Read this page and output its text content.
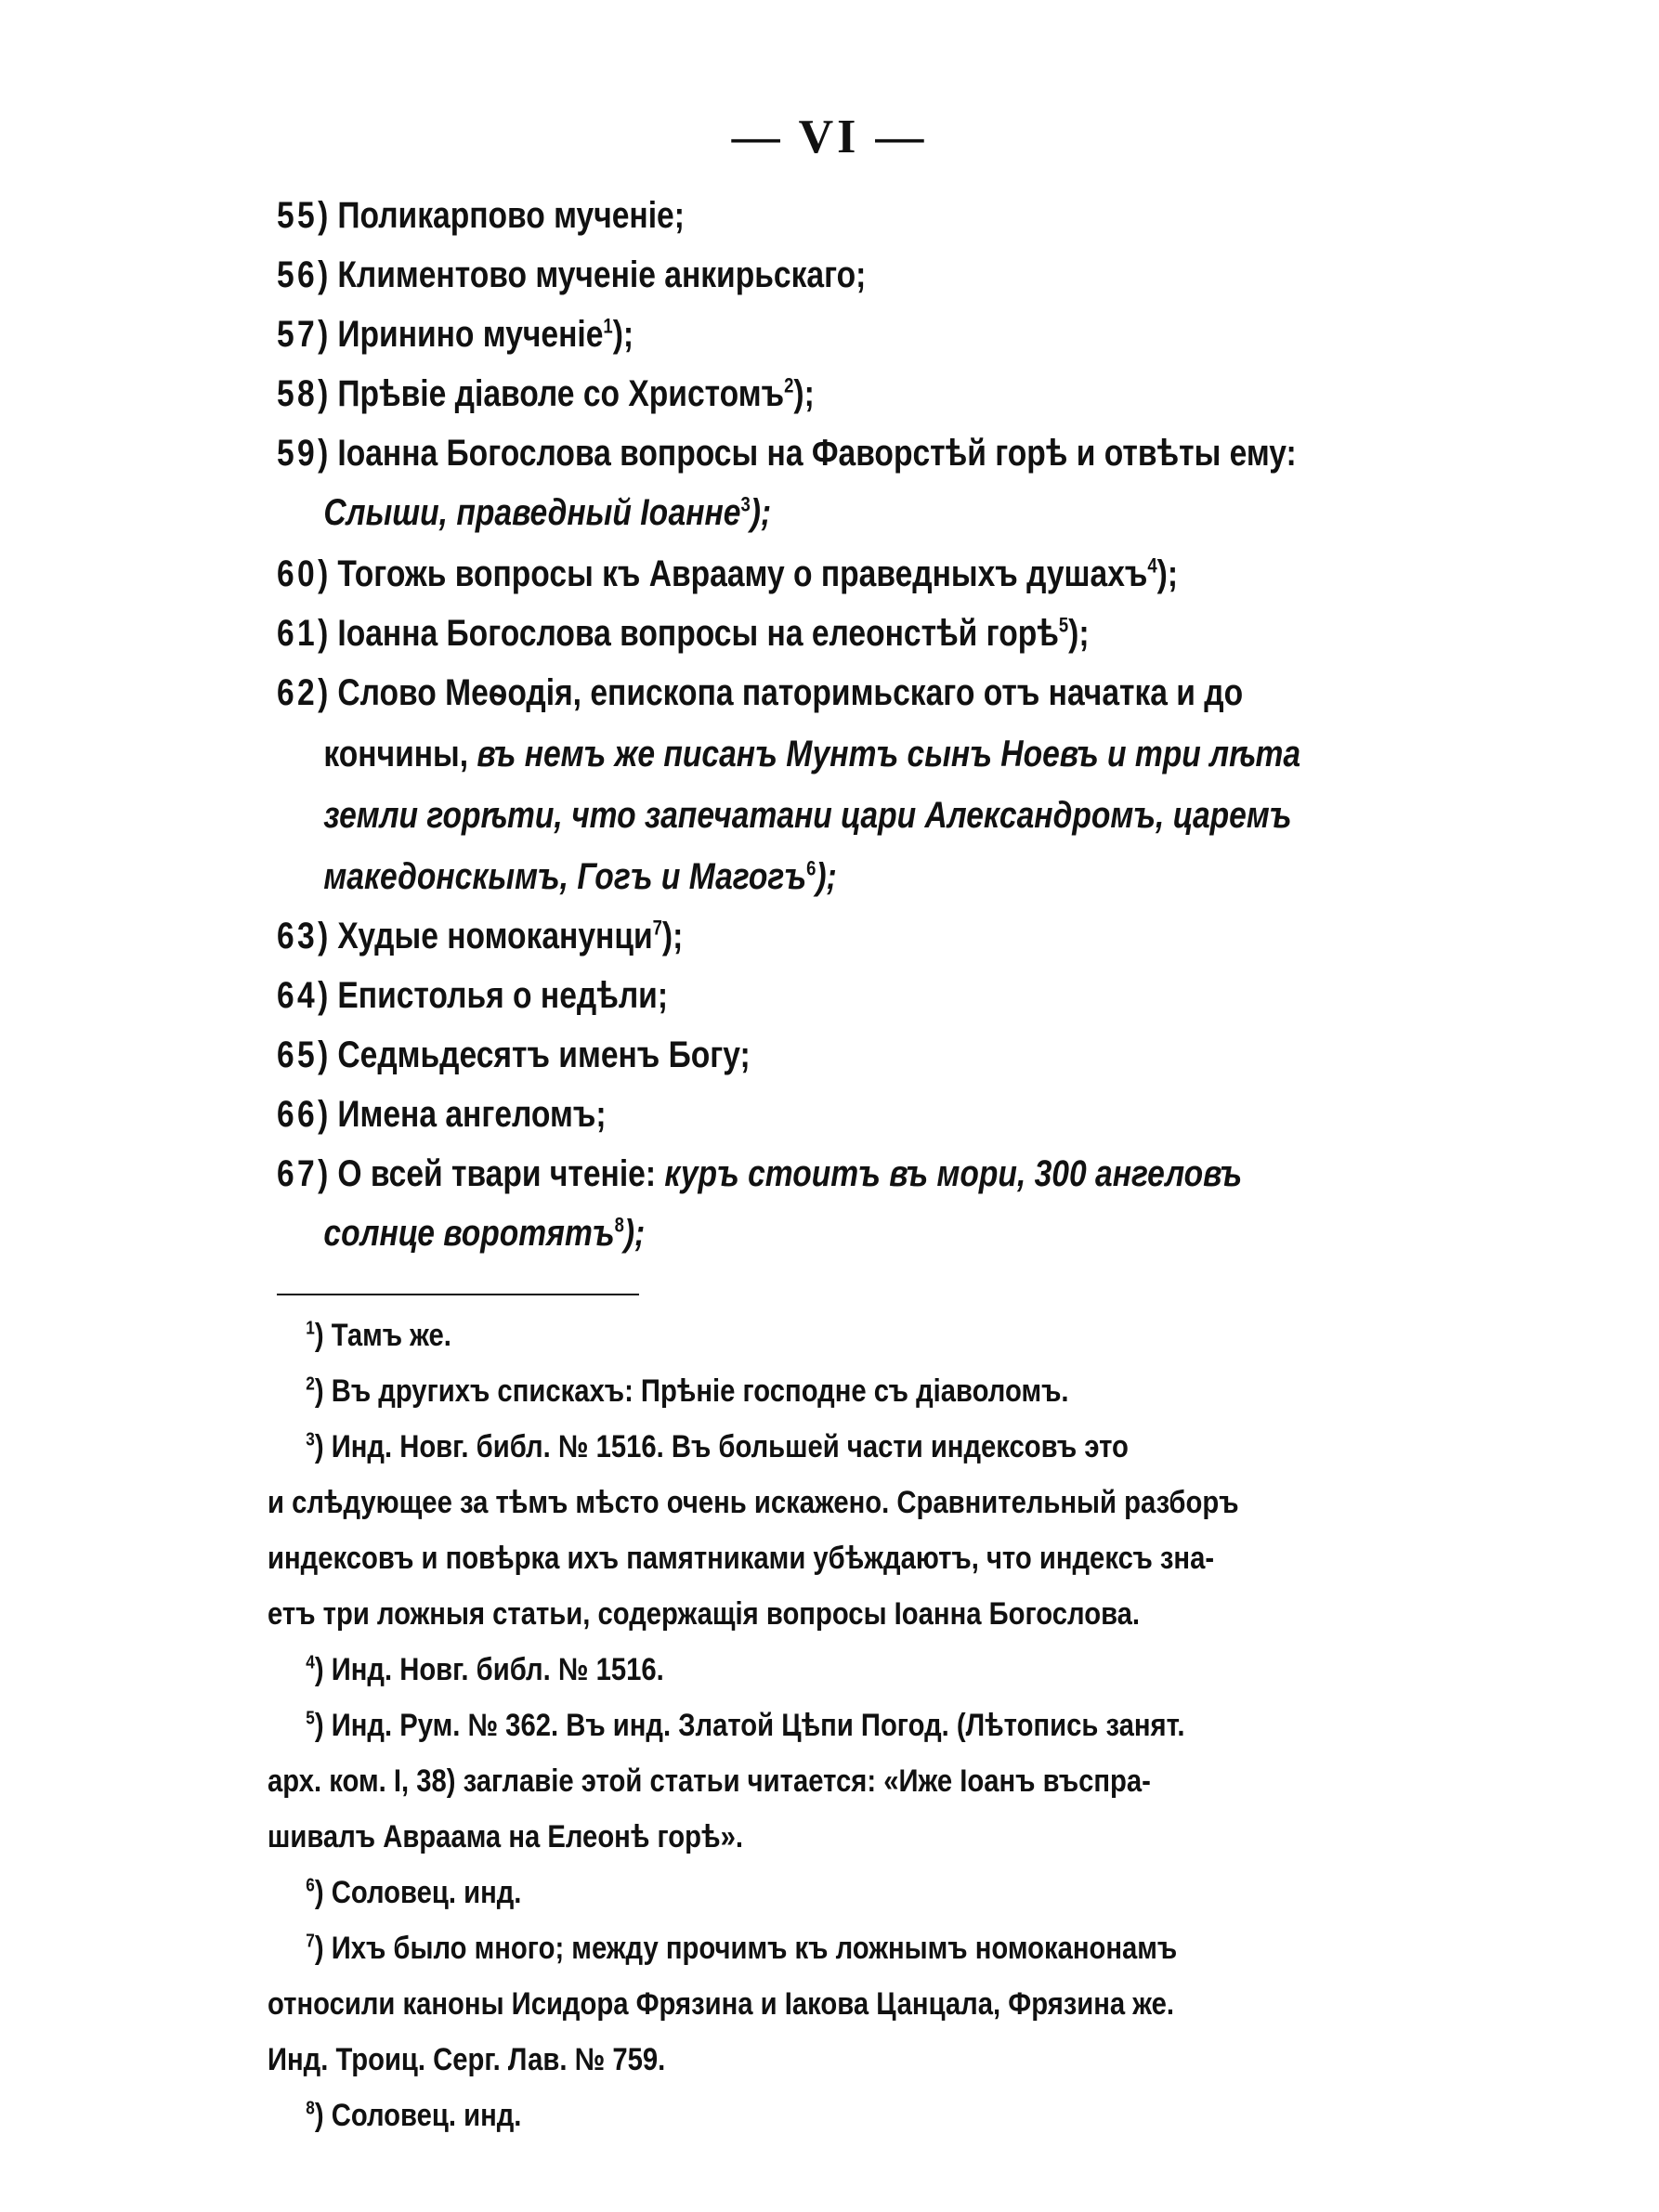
— VI —
55) Поликарпово мученіе;
56) Климентово мученіе анкирьскаго;
57) Иринино мученіе$^1$);
58) Прѣвіе діаволе со Христомъ$^2$);
59) Іоанна Богослова вопросы на Фаворстѣй горѣ и отвѣты ему:
Слыши, праведный Іоанне$^3$);
60) Тогожь вопросы къ Аврааму о праведныхъ душахъ$^4$);
61) Іоанна Богослова вопросы на елеонстѣй горѣ$^5$);
62) Слово Меѳодія, епископа паторимьскаго отъ начатка и до
кончины, въ немъ же писанъ Мунтъ сынъ Ноевъ и три лѣта
земли горѣти, что запечатани цари Александромъ, царемъ
македонскымъ, Гогъ и Магогъ$^6$);
63) Худые номоканунци$^7$);
64) Епистолья о недѣли;
65) Седмьдесятъ именъ Богу;
66) Имена ангеломъ;
67) О всей твари чтеніе: куръ стоитъ въ мори, 300 ангеловъ
солнце воротятъ$^8$);
$^1$) Тамъ же.
$^2$) Въ другихъ спискахъ: Прѣніе господне съ діаволомъ.
$^3$) Инд. Новг. библ. № 1516. Въ большей части индексовъ это
и слѣдующее за тѣмъ мѣсто очень искажено. Сравнительный разборъ
индексовъ и повѣрка ихъ памятниками убѣждаютъ, что индексъ зна-
етъ три ложныя статьи, содержащія вопросы Іоанна Богослова.
$^4$) Инд. Новг. библ. № 1516.
$^5$) Инд. Рум. № 362. Въ инд. Златой Цѣпи Погод. (Лѣтопись занят.
арх. ком. I, 38) заглавіе этой статьи читается: «Иже Іоанъ въспра-
шивалъ Авраама на Елеонѣ горѣ».
$^6$) Соловец. инд.
$^7$) Ихъ было много; между прочимъ къ ложнымъ номоканонамъ
относили каноны Исидора Фрязина и Іакова Цанцала, Фрязина же.
Инд. Троиц. Серг. Лав. № 759.
$^8$) Соловец. инд.
